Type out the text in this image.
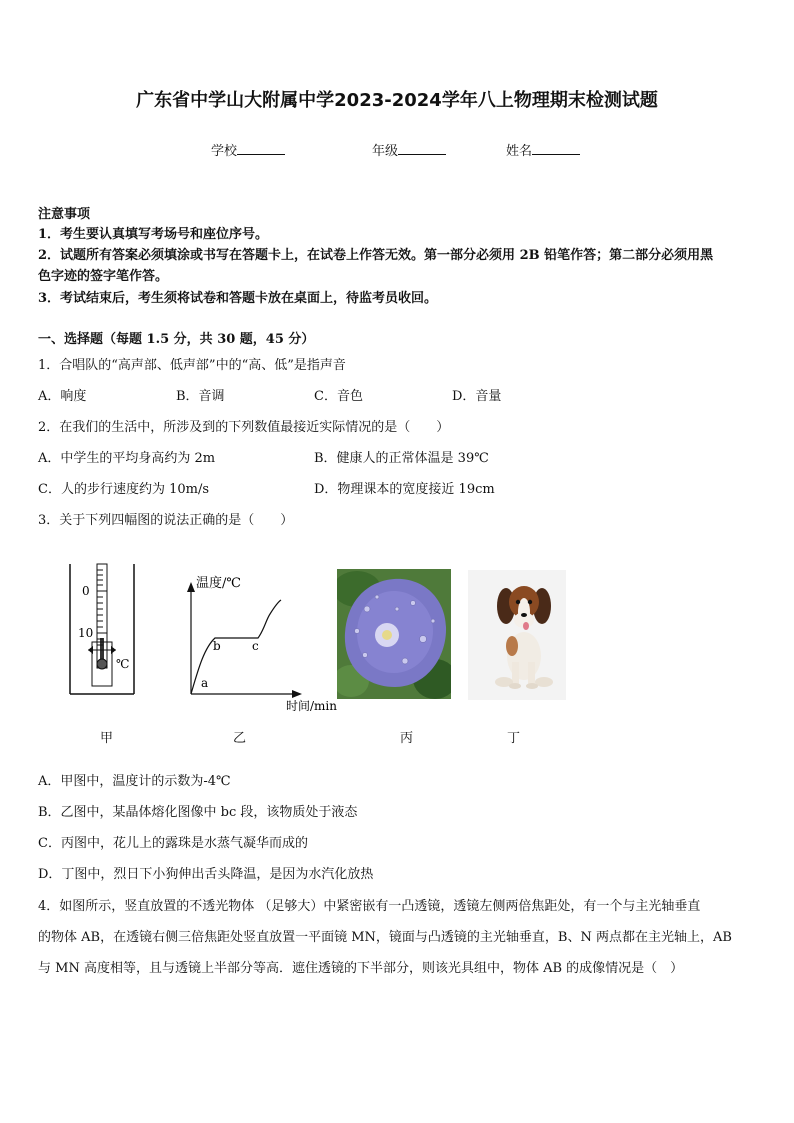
广东省中学山大附属中学2023-2024学年八上物理期末检测试题
学校	年级	姓名
注意事项
1．考生要认真填写考场号和座位序号。
2．试题所有答案必须填涂或书写在答题卡上，在试卷上作答无效。第一部分必须用 2B 铅笔作答；第二部分必须用黑
色字迹的签字笔作答。
3．考试结束后，考生须将试卷和答题卡放在桌面上，待监考员收回。
一、选择题（每题 1.5 分，共 30 题，45 分）
1．合唱队的“高声部、低声部”中的“高、低”是指声音
A．响度	B．音调	C．音色	D．音量
2．在我们的生活中，所涉及到的下列数值最接近实际情况的是（　　）
A．中学生的平均身高约为 2m	B．健康人的正常体温是 39℃
C．人的步行速度约为 10m/s	D．物理课本的宽度接近 19cm
3．关于下列四幅图的说法正确的是（　　）
0
10
℃
温度/℃
时间/min
a
b	c
甲	乙	丙	丁
A．甲图中，温度计的示数为-4℃
B．乙图中，某晶体熔化图像中 bc 段，该物质处于液态
C．丙图中，花儿上的露珠是水蒸气凝华而成的
D．丁图中，烈日下小狗伸出舌头降温，是因为水汽化放热
4．如图所示，竖直放置的不透光物体 （足够大）中紧密嵌有一凸透镜，透镜左侧两倍焦距处，有一个与主光轴垂直
的物体 AB，在透镜右侧三倍焦距处竖直放置一平面镜 MN，镜面与凸透镜的主光轴垂直，B、N 两点都在主光轴上，AB
与 MN 高度相等，且与透镜上半部分等高．遮住透镜的下半部分，则该光具组中，物体 AB 的成像情况是（　）
